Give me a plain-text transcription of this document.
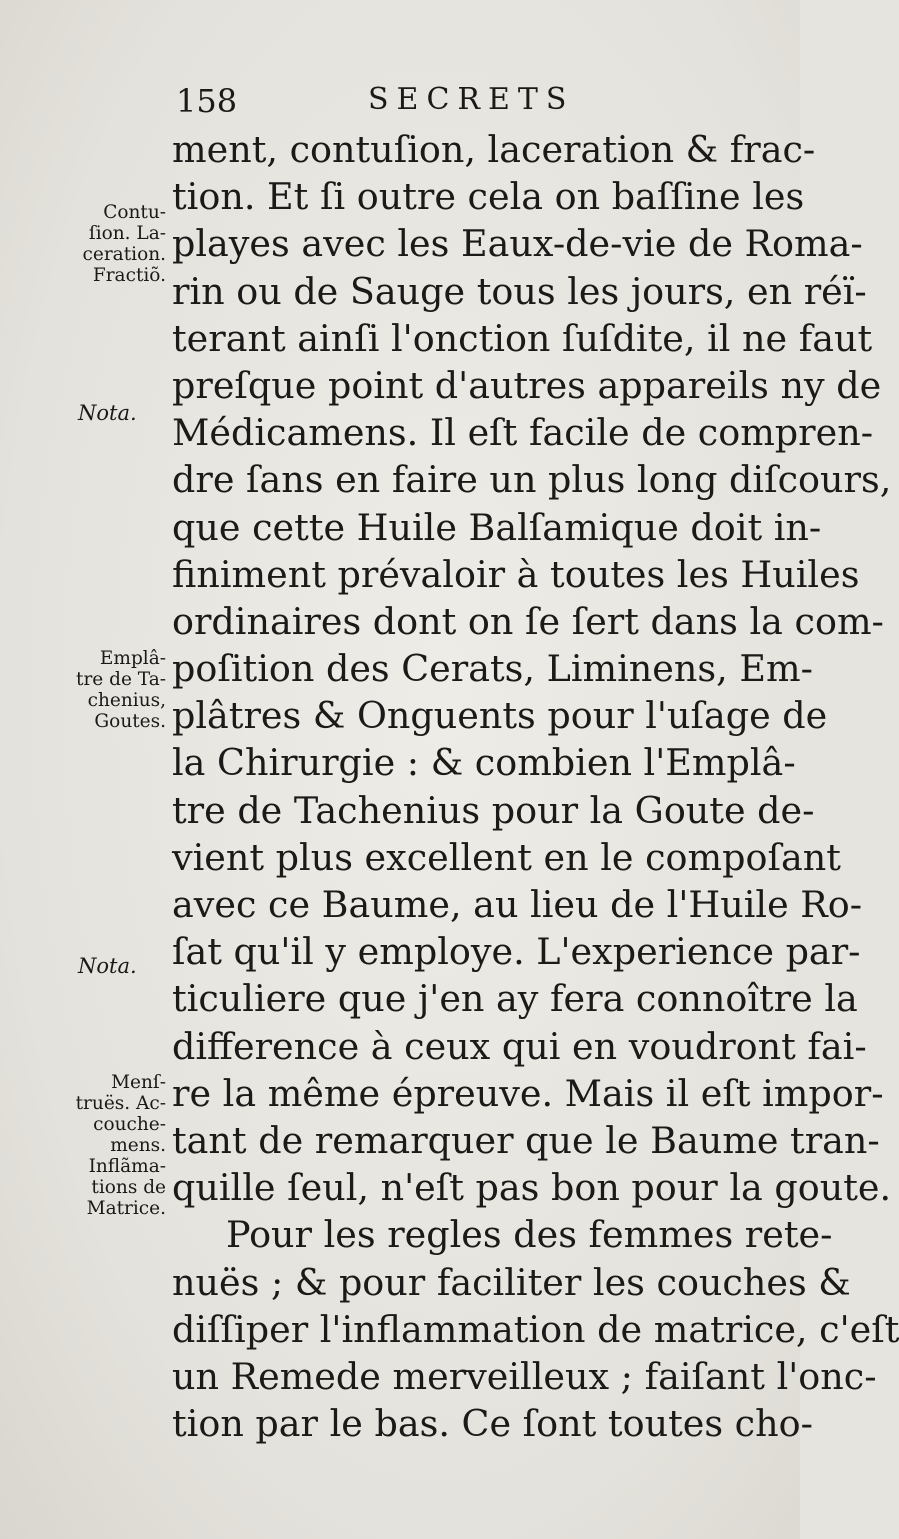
158	SECRETS
ment, contuſion, laceration & frac-
tion. Et ſi outre cela on baſſine les
playes avec les Eaux-de-vie de Roma-
rin ou de Sauge tous les jours, en réï-
terant ainſi l'onction ſuſdite, il ne faut
preſque point d'autres appareils ny de
Médicamens. Il eſt facile de compren-
dre ſans en faire un plus long diſcours,
que cette Huile Balſamique doit in-
finiment prévaloir à toutes les Huiles
ordinaires dont on ſe ſert dans la com-
poſition des Cerats, Liminens, Em-
plâtres & Onguents pour l'uſage de
la Chirurgie : & combien l'Emplâ-
tre de Tachenius pour la Goute de-
vient plus excellent en le compoſant
avec ce Baume, au lieu de l'Huile Ro-
ſat qu'il y employe. L'experience par-
ticuliere que j'en ay fera connoître la
difference à ceux qui en voudront fai-
re la même épreuve. Mais il eſt impor-
tant de remarquer que le Baume tran-
quille ſeul, n'eſt pas bon pour la goute.
Pour les regles des femmes rete-
nuës ; & pour faciliter les couches &
diſſiper l'inflammation de matrice, c'eſt
un Remede merveilleux ; faiſant l'onc-
tion par le bas. Ce ſont toutes cho-
Contu-
ſion. La-
ceration.
Fractiõ.
Nota.
Emplâ-
tre de Ta-
chenius,
Goutes.
Nota.
Menſ-
truës. Ac-
couche-
mens.
Inflãma-
tions de
Matrice.
